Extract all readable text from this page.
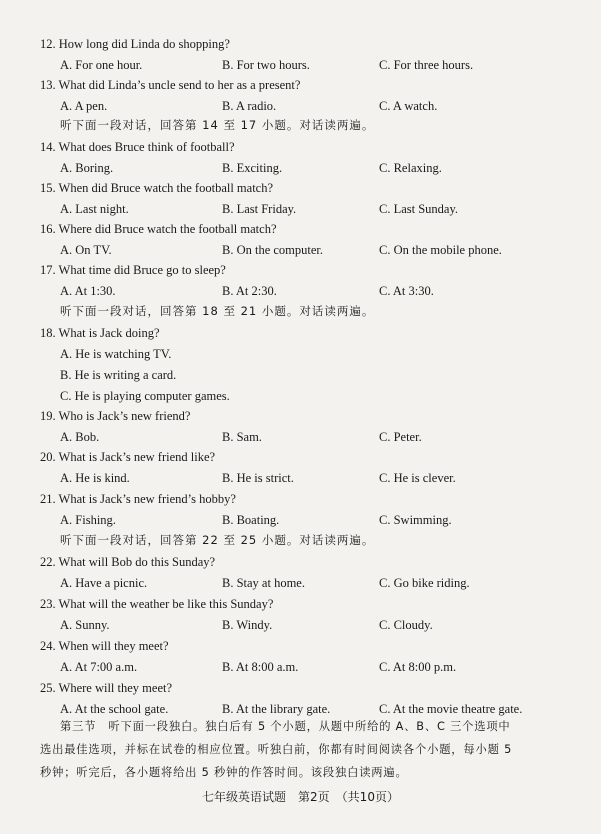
12. How long did Linda do shopping?
A. For one hour.	B. For two hours.	C. For three hours.
13. What did Linda’s uncle send to her as a present?
A. A pen.	B. A radio.	C. A watch.
听下面一段对话，回答第 14 至 17 小题。对话读两遍。
14. What does Bruce think of football?
A. Boring.	B. Exciting.	C. Relaxing.
15. When did Bruce watch the football match?
A. Last night.	B. Last Friday.	C. Last Sunday.
16. Where did Bruce watch the football match?
A. On TV.	B. On the computer.	C. On the mobile phone.
17. What time did Bruce go to sleep?
A. At 1:30.	B. At 2:30.	C. At 3:30.
听下面一段对话，回答第 18 至 21 小题。对话读两遍。
18. What is Jack doing?
A. He is watching TV.
B. He is writing a card.
C. He is playing computer games.
19. Who is Jack’s new friend?
A. Bob.	B. Sam.	C. Peter.
20. What is Jack’s new friend like?
A. He is kind.	B. He is strict.	C. He is clever.
21. What is Jack’s new friend’s hobby?
A. Fishing.	B. Boating.	C. Swimming.
听下面一段对话，回答第 22 至 25 小题。对话读两遍。
22. What will Bob do this Sunday?
A. Have a picnic.	B. Stay at home.	C. Go bike riding.
23. What will the weather be like this Sunday?
A. Sunny.	B. Windy.	C. Cloudy.
24. When will they meet?
A. At 7:00 a.m.	B. At 8:00 a.m.	C. At 8:00 p.m.
25. Where will they meet?
A. At the school gate.	B. At the library gate.	C. At the movie theatre gate.
第三节　听下面一段独白。独白后有 5 个小题，从题中所给的 A、B、C 三个选项中
选出最佳选项，并标在试卷的相应位置。听独白前，你都有时间阅读各个小题，每小题 5
秒钟；听完后，各小题将给出 5 秒钟的作答时间。该段独白读两遍。
七年级英语试题　第2页　（共10页）
